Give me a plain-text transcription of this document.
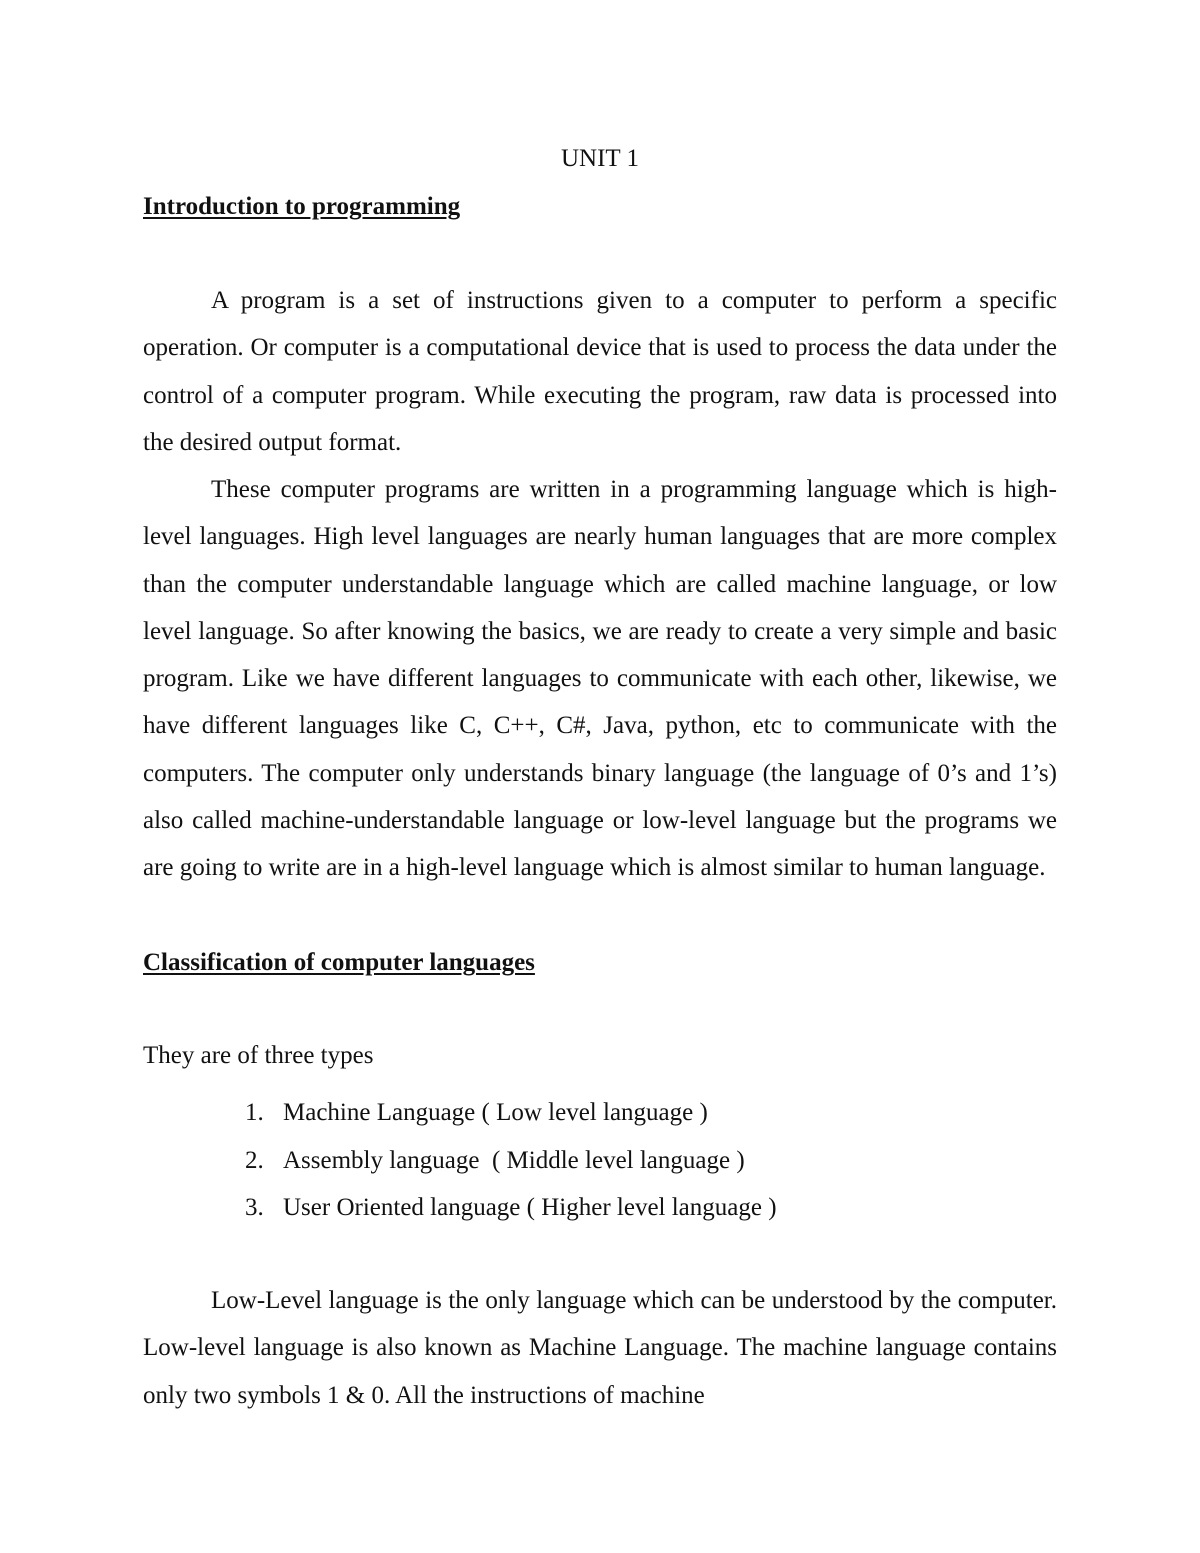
UNIT 1
Introduction to programming

A program is a set of instructions given to a computer to perform a specific operation. Or computer is a computational device that is used to process the data under the control of a computer program. While executing the program, raw data is processed into the desired output format.

These computer programs are written in a programming language which is high-level languages. High level languages are nearly human languages that are more complex than the computer understandable language which are called machine language, or low level language. So after knowing the basics, we are ready to create a very simple and basic program. Like we have different languages to communicate with each other, likewise, we have different languages like C, C++, C#, Java, python, etc to communicate with the computers. The computer only understands binary language (the language of 0’s and 1’s) also called machine-understandable language or low-level language but the programs we are going to write are in a high-level language which is almost similar to human language.

Classification of computer languages

They are of three types

1. Machine Language ( Low level language )
2. Assembly language  ( Middle level language )
3. User Oriented language ( Higher level language )

Low-Level language is the only language which can be understood by the computer. Low-level language is also known as Machine Language. The machine language contains only two symbols 1 & 0. All the instructions of machine
